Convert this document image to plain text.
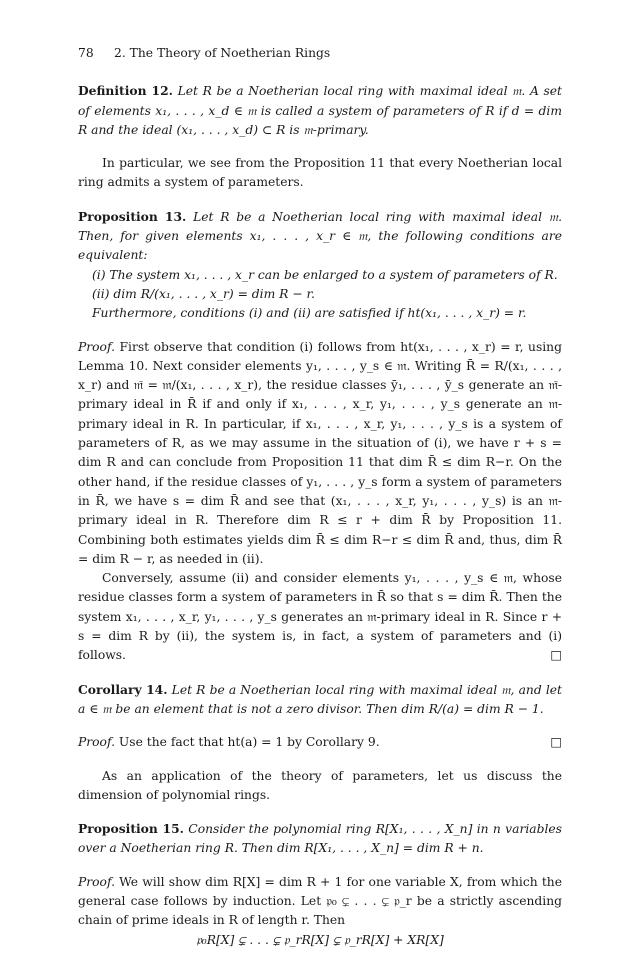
78	2. The Theory of Noetherian Rings

Definition 12. Let R be a Noetherian local ring with maximal ideal 𝔪. A set of elements x₁, . . . , x_d ∈ 𝔪 is called a system of parameters of R if d = dim R and the ideal (x₁, . . . , x_d) ⊂ R is 𝔪-primary.

In particular, we see from the Proposition 11 that every Noetherian local ring admits a system of parameters.

Proposition 13. Let R be a Noetherian local ring with maximal ideal 𝔪. Then, for given elements x₁, . . . , x_r ∈ 𝔪, the following conditions are equivalent:

(i) The system x₁, . . . , x_r can be enlarged to a system of parameters of R.

(ii) dim R/(x₁, . . . , x_r) = dim R − r.

Furthermore, conditions (i) and (ii) are satisfied if ht(x₁, . . . , x_r) = r.

Proof. First observe that condition (i) follows from ht(x₁, . . . , x_r) = r, using Lemma 10. Next consider elements y₁, . . . , y_s ∈ 𝔪. Writing R̄ = R/(x₁, . . . , x_r) and 𝔪̄ = 𝔪/(x₁, . . . , x_r), the residue classes ȳ₁, . . . , ȳ_s generate an 𝔪̄-primary ideal in R̄ if and only if x₁, . . . , x_r, y₁, . . . , y_s generate an 𝔪-primary ideal in R. In particular, if x₁, . . . , x_r, y₁, . . . , y_s is a system of parameters of R, as we may assume in the situation of (i), we have r + s = dim R and can conclude from Proposition 11 that dim R̄ ≤ dim R−r. On the other hand, if the residue classes of y₁, . . . , y_s form a system of parameters in R̄, we have s = dim R̄ and see that (x₁, . . . , x_r, y₁, . . . , y_s) is an 𝔪-primary ideal in R. Therefore dim R ≤ r + dim R̄ by Proposition 11. Combining both estimates yields dim R̄ ≤ dim R−r ≤ dim R̄ and, thus, dim R̄ = dim R − r, as needed in (ii).

Conversely, assume (ii) and consider elements y₁, . . . , y_s ∈ 𝔪, whose residue classes form a system of parameters in R̄ so that s = dim R̄. Then the system x₁, . . . , x_r, y₁, . . . , y_s generates an 𝔪-primary ideal in R. Since r + s = dim R by (ii), the system is, in fact, a system of parameters and (i) follows.	□

Corollary 14. Let R be a Noetherian local ring with maximal ideal 𝔪, and let a ∈ 𝔪 be an element that is not a zero divisor. Then dim R/(a) = dim R − 1.

Proof. Use the fact that ht(a) = 1 by Corollary 9.	□

As an application of the theory of parameters, let us discuss the dimension of polynomial rings.

Proposition 15. Consider the polynomial ring R[X₁, . . . , X_n] in n variables over a Noetherian ring R. Then dim R[X₁, . . . , X_n] = dim R + n.

Proof. We will show dim R[X] = dim R + 1 for one variable X, from which the general case follows by induction. Let 𝔭₀ ⊊ . . . ⊊ 𝔭_r be a strictly ascending chain of prime ideals in R of length r. Then

𝔭₀R[X] ⊊ . . . ⊊ 𝔭_rR[X] ⊊ 𝔭_rR[X] + XR[X]
